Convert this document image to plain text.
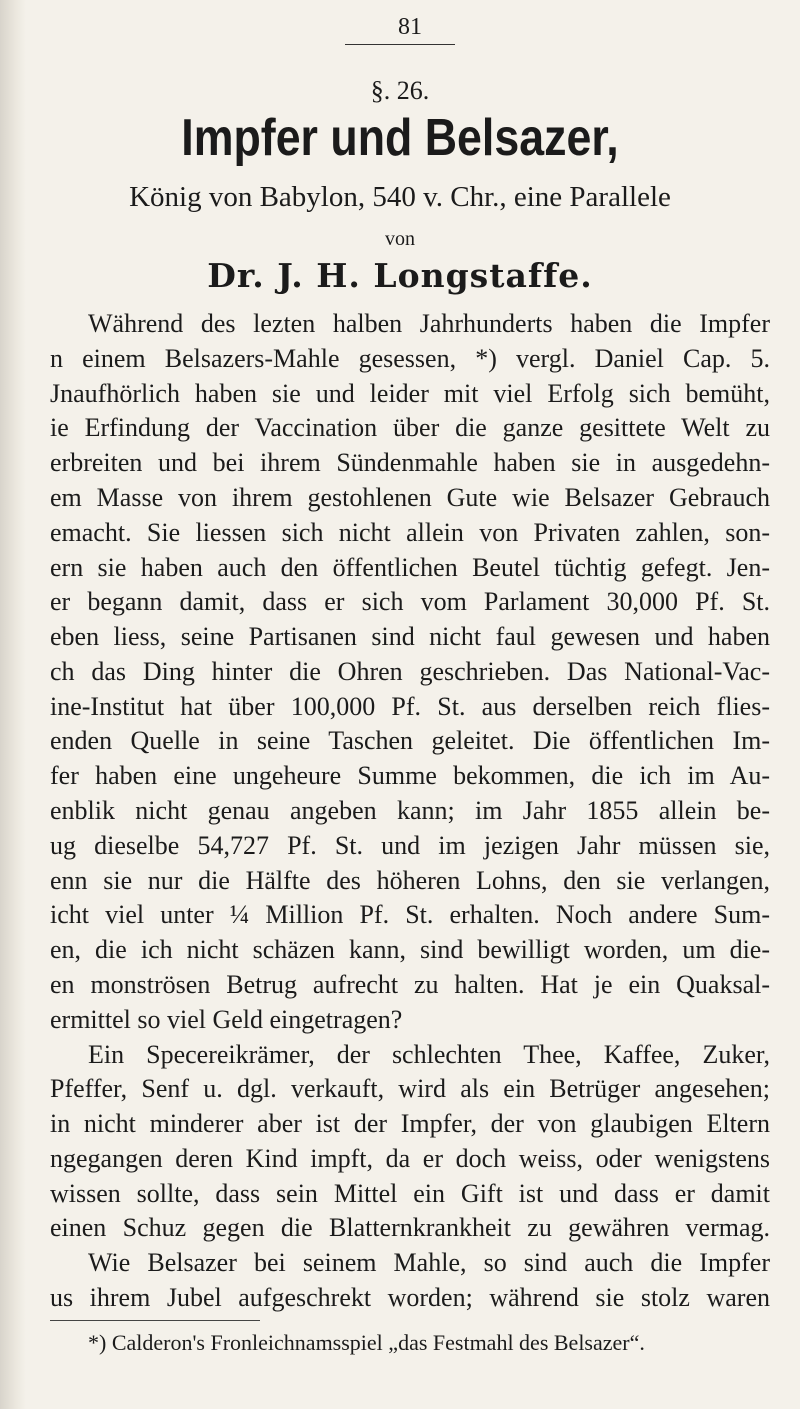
81
§. 26.
Impfer und Belsazer,
König von Babylon, 540 v. Chr., eine Parallele
von
Dr. J. H. Longstaffe.
Während des lezten halben Jahrhunderts haben die Impfer
n einem Belsazers-Mahle gesessen, *) vergl. Daniel Cap. 5.
Jnaufhörlich haben sie und leider mit viel Erfolg sich bemüht,
ie Erfindung der Vaccination über die ganze gesittete Welt zu
erbreiten und bei ihrem Sündenmahle haben sie in ausgedehn-
em Masse von ihrem gestohlenen Gute wie Belsazer Gebrauch
emacht. Sie liessen sich nicht allein von Privaten zahlen, son-
ern sie haben auch den öffentlichen Beutel tüchtig gefegt. Jen-
er begann damit, dass er sich vom Parlament 30,000 Pf. St.
eben liess, seine Partisanen sind nicht faul gewesen und haben
ch das Ding hinter die Ohren geschrieben. Das National-Vac-
ine-Institut hat über 100,000 Pf. St. aus derselben reich flies-
enden Quelle in seine Taschen geleitet. Die öffentlichen Im-
fer haben eine ungeheure Summe bekommen, die ich im Au-
enblik nicht genau angeben kann; im Jahr 1855 allein be-
ug dieselbe 54,727 Pf. St. und im jezigen Jahr müssen sie,
enn sie nur die Hälfte des höheren Lohns, den sie verlangen,
icht viel unter ¼ Million Pf. St. erhalten. Noch andere Sum-
en, die ich nicht schäzen kann, sind bewilligt worden, um die-
en monströsen Betrug aufrecht zu halten. Hat je ein Quaksal-
ermittel so viel Geld eingetragen?
Ein Specereikrämer, der schlechten Thee, Kaffee, Zuker,
Pfeffer, Senf u. dgl. verkauft, wird als ein Betrüger angesehen;
in nicht minderer aber ist der Impfer, der von glaubigen Eltern
ngegangen deren Kind impft, da er doch weiss, oder wenigstens
wissen sollte, dass sein Mittel ein Gift ist und dass er damit
einen Schuz gegen die Blatternkrankheit zu gewähren vermag.
Wie Belsazer bei seinem Mahle, so sind auch die Impfer
us ihrem Jubel aufgeschrekt worden; während sie stolz waren
*) Calderon's Fronleichnamsspiel „das Festmahl des Belsazer“.
